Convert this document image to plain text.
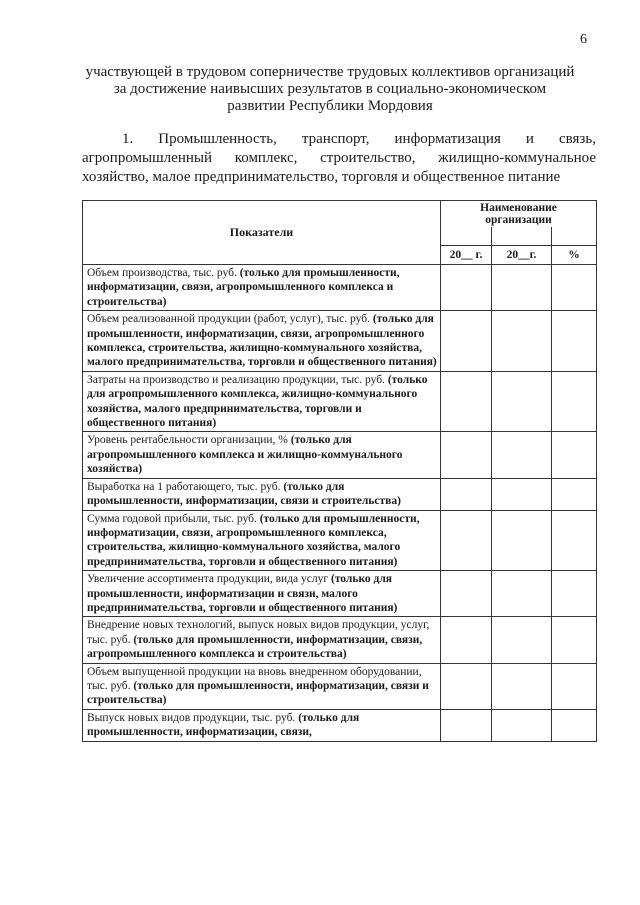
6
участвующей в трудовом соперничестве трудовых коллективов организаций
за достижение наивысших результатов в социально-экономическом
развитии Республики Мордовия
1. Промышленность, транспорт, информатизация и связь,
агропромышленный комплекс, строительство, жилищно-коммунальное
хозяйство, малое предпринимательство, торговля и общественное питание
Показатели	Наименование
организации		

	20__ г.	20__г.	%
Объем производства, тыс. руб. (только для промышленности, информатизации, связи, агропромышленного комплекса и строительства)			
Объем реализованной продукции (работ, услуг), тыс. руб. (только для промышленности, информатизации, связи, агропромышленного комплекса, строительства, жилищно-коммунального хозяйства, малого предпринимательства, торговли и общественного питания)			
Затраты на производство и реализацию продукции, тыс. руб. (только для агропромышленного комплекса, жилищно-коммунального хозяйства, малого предпринимательства, торговли и общественного питания)			
Уровень рентабельности организации, % (только для агропромышленного комплекса и жилищно-коммунального хозяйства)			
Выработка на 1 работающего, тыс. руб. (только для промышленности, информатизации, связи и строительства)			
Сумма годовой прибыли, тыс. руб. (только для промышленности, информатизации, связи, агропромышленного комплекса, строительства, жилищно-коммунального хозяйства, малого предпринимательства, торговли и общественного питания)			
Увеличение ассортимента продукции, вида услуг (только для промышленности, информатизации и связи, малого предпринимательства, торговли и общественного питания)			
Внедрение новых технологий, выпуск новых видов продукции, услуг, тыс. руб. (только для промышленности, информатизации, связи, агропромышленного комплекса и строительства)			
Объем выпущенной продукции на вновь внедренном оборудовании, тыс. руб. (только для промышленности, информатизации, связи и строительства)			
Выпуск новых видов продукции, тыс. руб. (только для промышленности, информатизации, связи,			
